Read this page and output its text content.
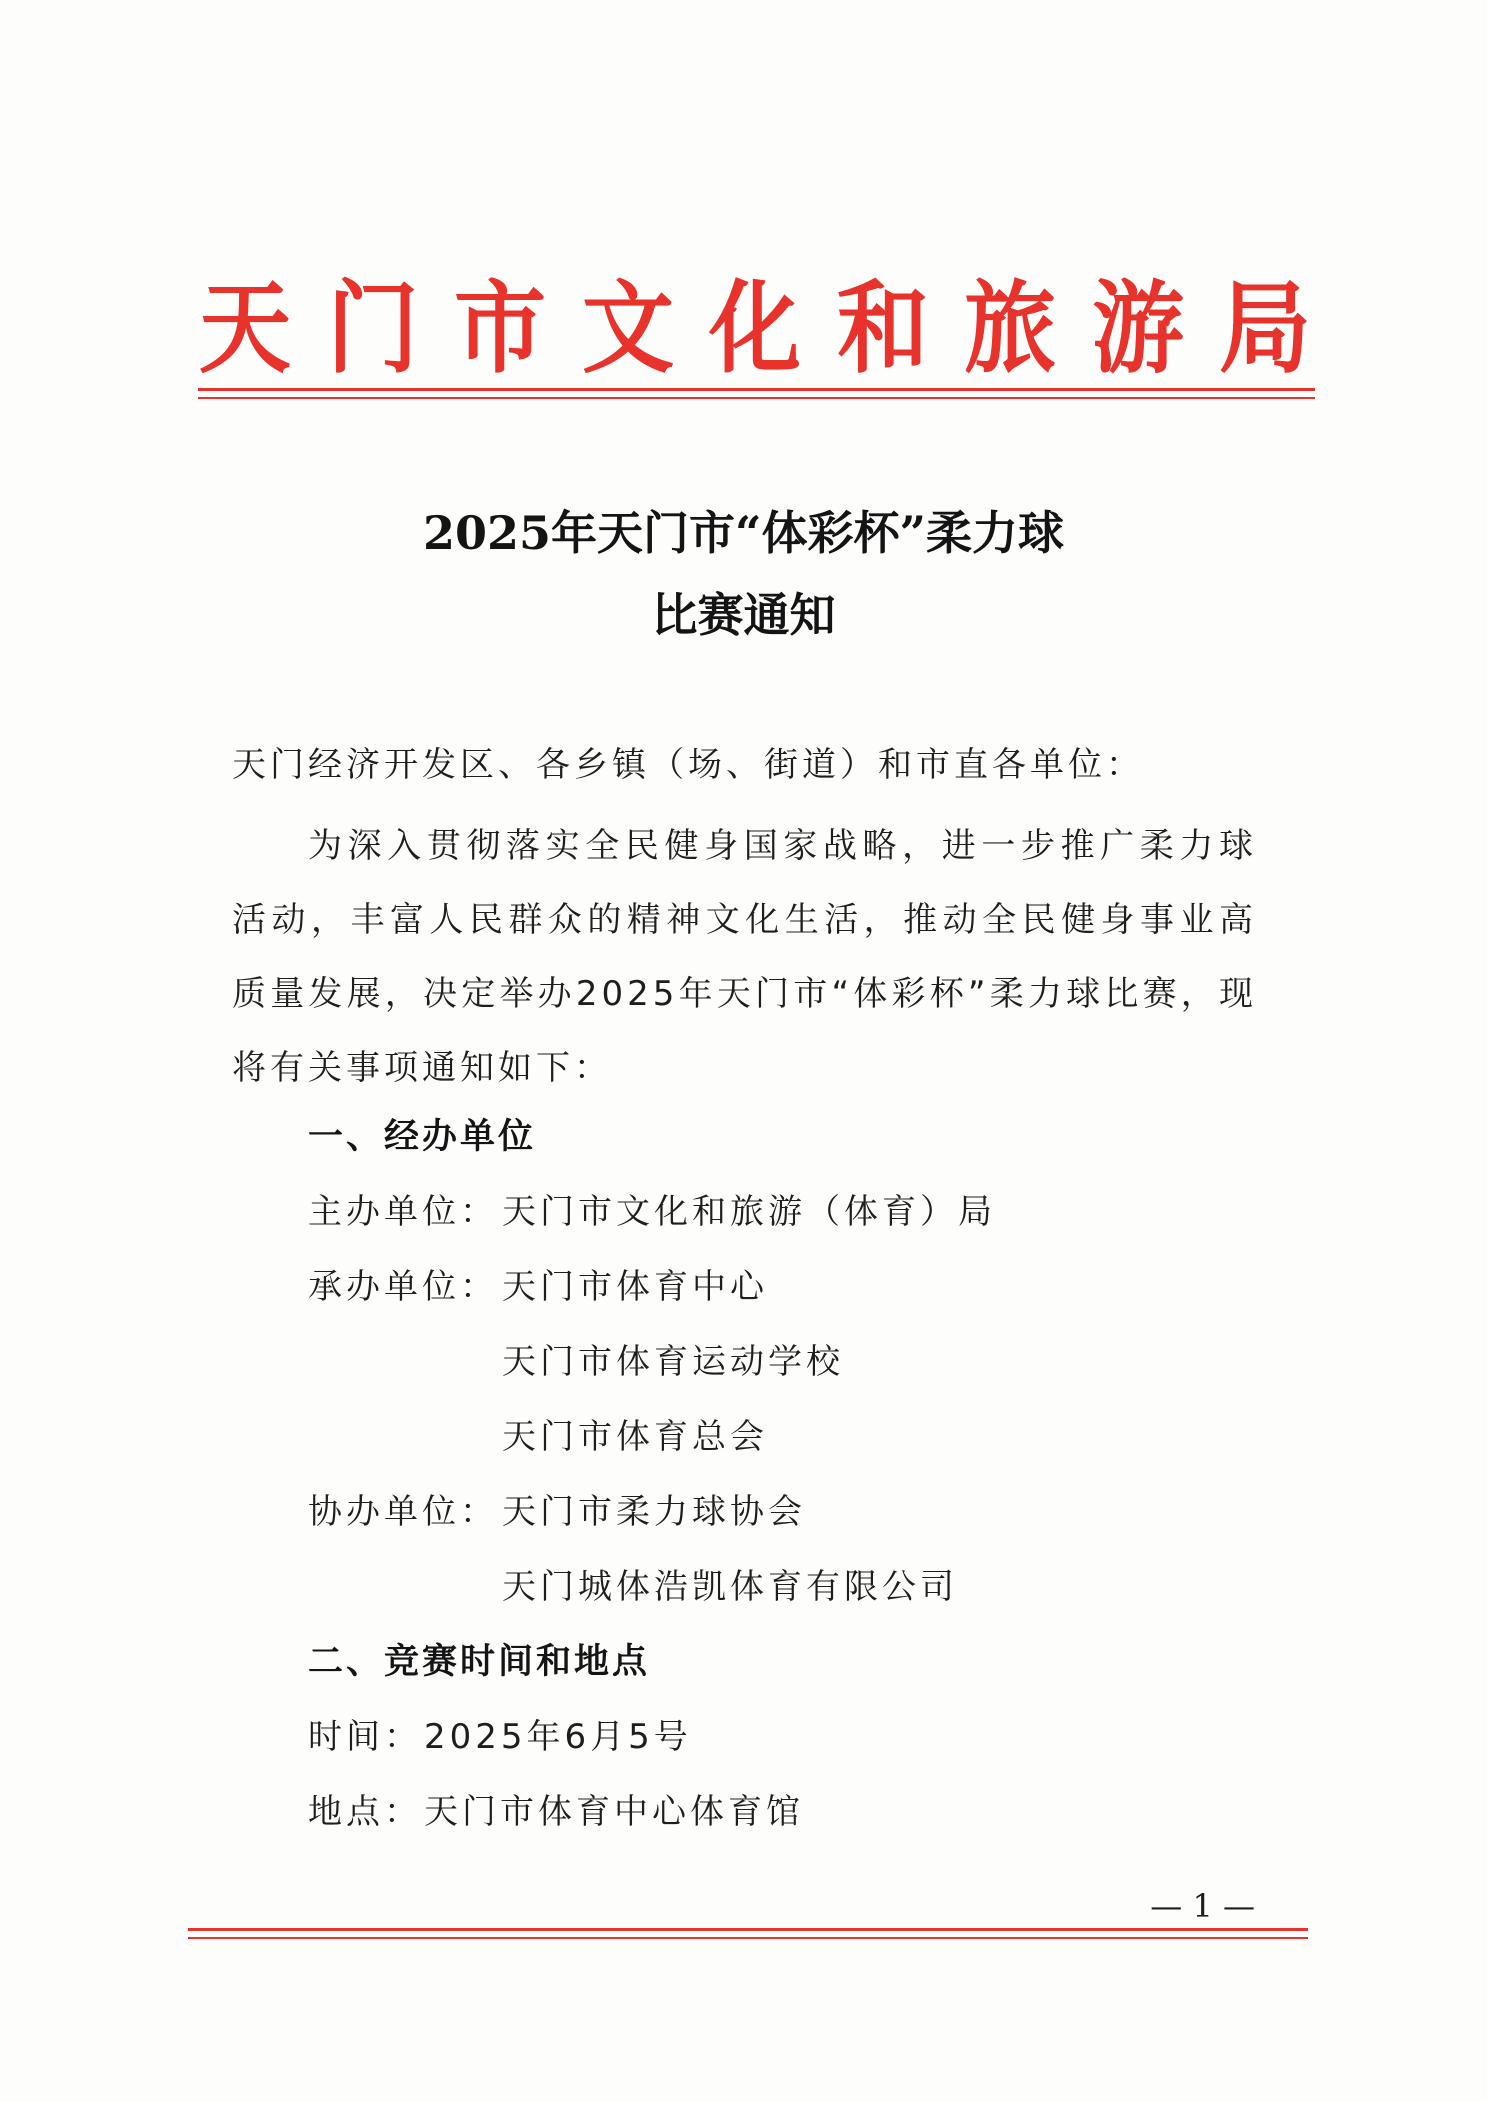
天 门 市 文 化 和 旅 游 局
2025年天门市“体彩杯”柔力球
比赛通知
天门经济开发区、各乡镇（场、街道）和市直各单位：
为深入贯彻落实全民健身国家战略，进一步推广柔力球活动，丰富人民群众的精神文化生活，推动全民健身事业高质量发展，决定举办2025年天门市“体彩杯”柔力球比赛，现将有关事项通知如下：
一、经办单位
主办单位： 天门市文化和旅游（体育）局
承办单位： 天门市体育中心
天门市体育运动学校
天门市体育总会
协办单位： 天门市柔力球协会
天门城体浩凯体育有限公司
二、竞赛时间和地点
时间： 2025年6月5号
地点： 天门市体育中心体育馆
— 1 —
